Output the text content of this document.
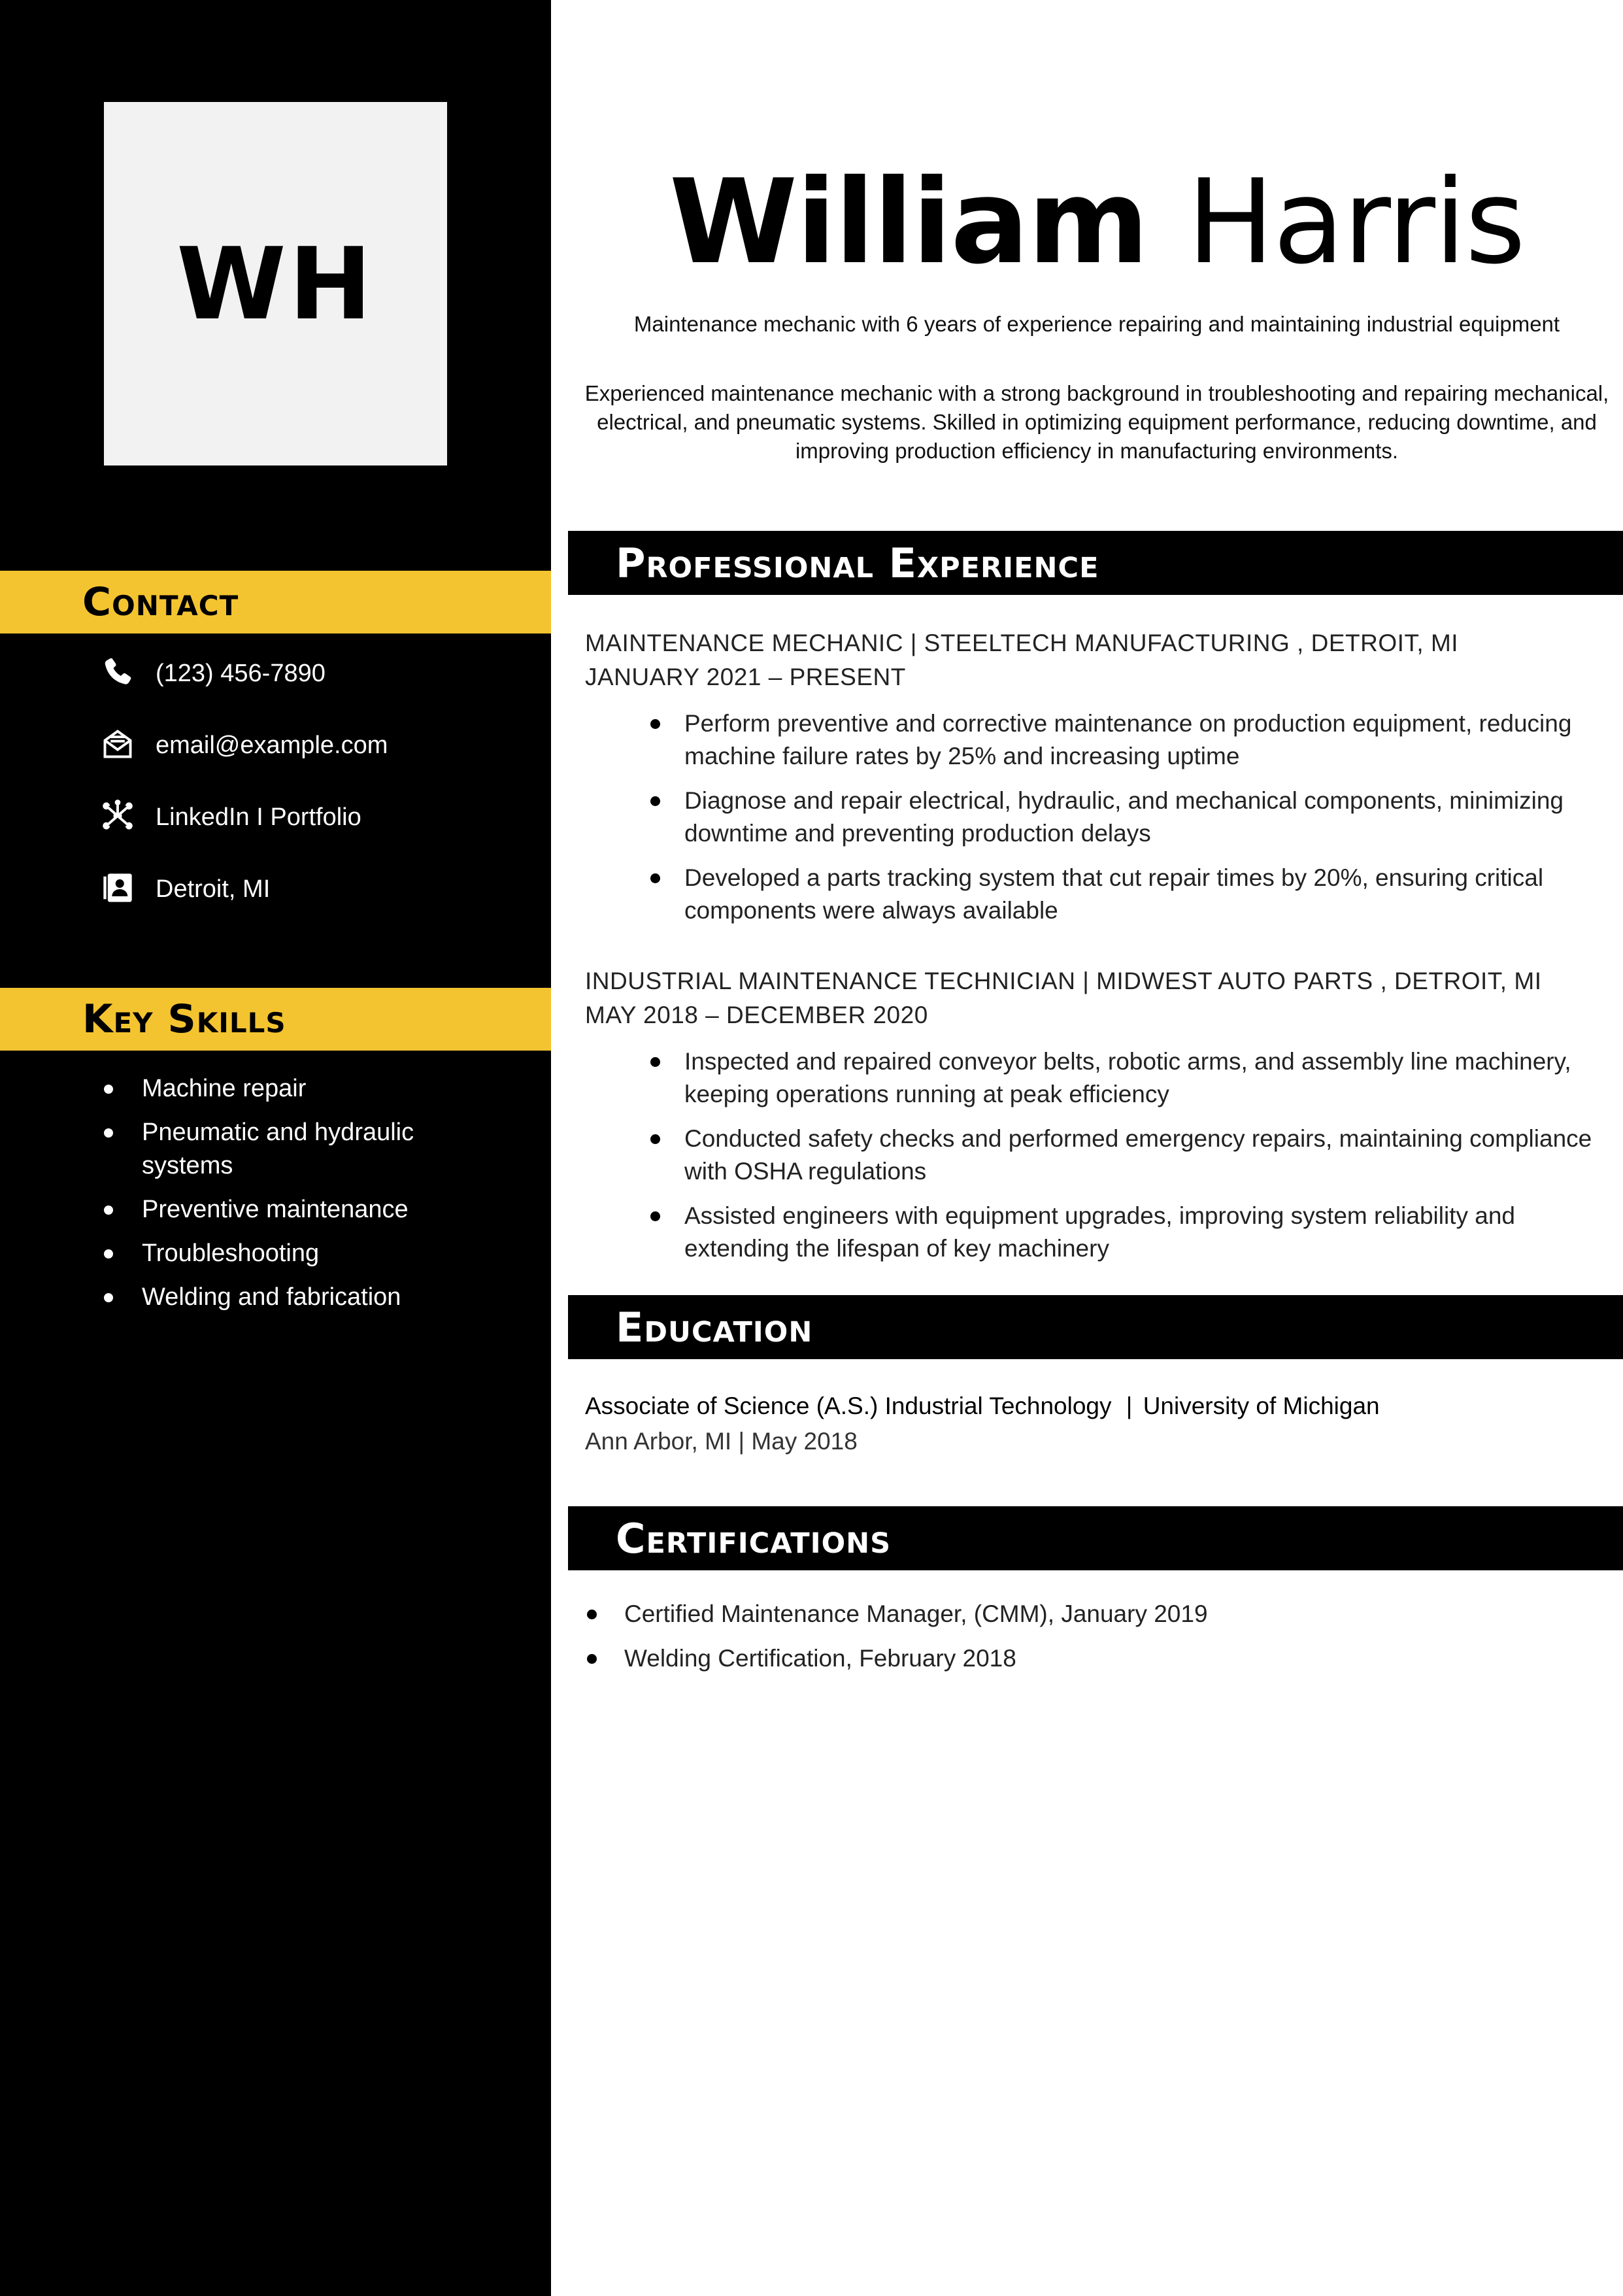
WH
Contact
(123) 456-7890
email@example.com
LinkedIn I Portfolio
Detroit, MI
Key Skills
Machine repair
Pneumatic and hydraulic systems
Preventive maintenance
Troubleshooting
Welding and fabrication
William Harris

Maintenance mechanic with 6 years of experience repairing and maintaining industrial equipment

Experienced maintenance mechanic with a strong background in troubleshooting and repairing mechanical, electrical, and pneumatic systems. Skilled in optimizing equipment performance, reducing downtime, and improving production efficiency in manufacturing environments.

Professional Experience
MAINTENANCE MECHANIC | STEELTECH MANUFACTURING , DETROIT, MI
JANUARY 2021 – PRESENT
Perform preventive and corrective maintenance on production equipment, reducing machine failure rates by 25% and increasing uptime
Diagnose and repair electrical, hydraulic, and mechanical components, minimizing downtime and preventing production delays
Developed a parts tracking system that cut repair times by 20%, ensuring critical components were always available
INDUSTRIAL MAINTENANCE TECHNICIAN | MIDWEST AUTO PARTS , DETROIT, MI
MAY 2018 – DECEMBER 2020
Inspected and repaired conveyor belts, robotic arms, and assembly line machinery, keeping operations running at peak efficiency
Conducted safety checks and performed emergency repairs, maintaining compliance with OSHA regulations
Assisted engineers with equipment upgrades, improving system reliability and extending the lifespan of key machinery
Education
Associate of Science (A.S.) Industrial Technology | University of Michigan
Ann Arbor, MI | May 2018
Certifications
Certified Maintenance Manager, (CMM), January 2019
Welding Certification, February 2018
